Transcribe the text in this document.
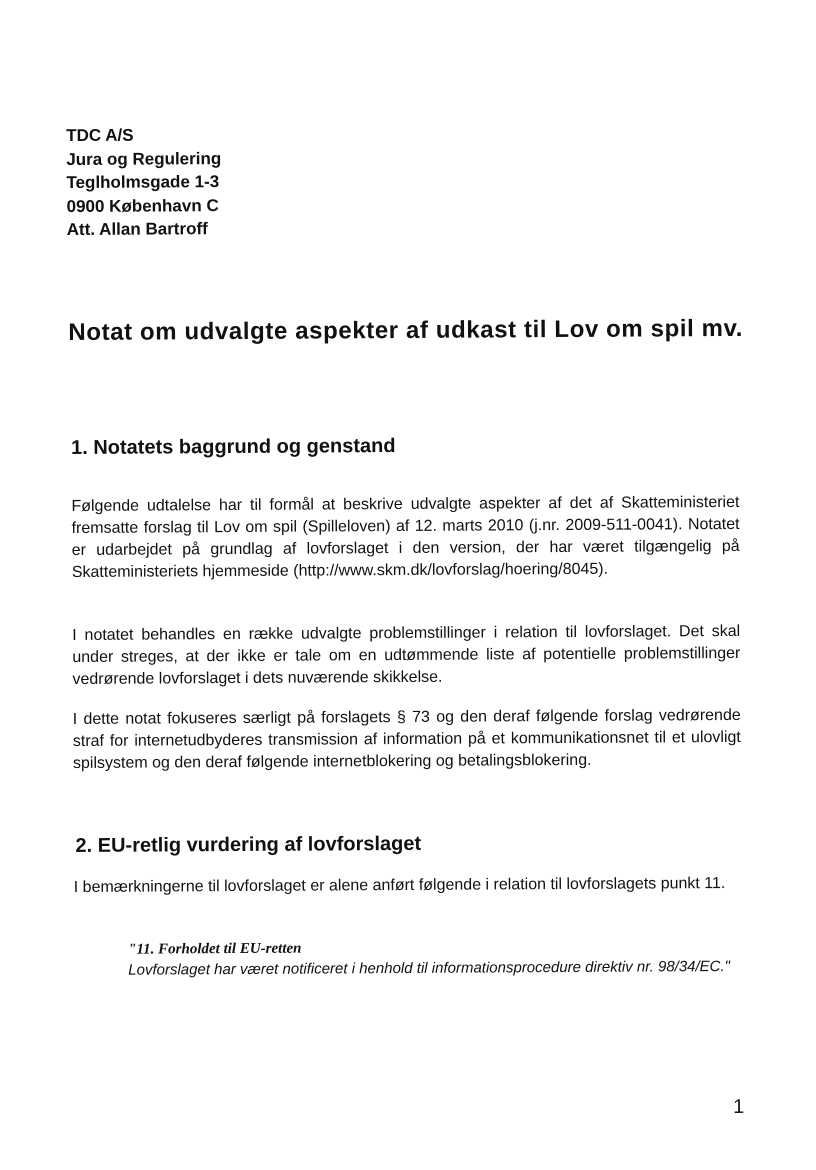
TDC A/S
Jura og Regulering
Teglholmsgade 1-3
0900 København C
Att. Allan Bartroff
Notat om udvalgte aspekter af udkast til Lov om spil mv.
1. Notatets baggrund og genstand
Følgende udtalelse har til formål at beskrive udvalgte aspekter af det af Skatteministeriet fremsatte forslag til Lov om spil (Spilleloven) af 12. marts 2010 (j.nr. 2009-511-0041). Notatet er udarbejdet på grundlag af lovforslaget i den version, der har været tilgængelig på Skatteministeriets hjemmeside (http://www.skm.dk/lovforslag/hoering/8045).
I notatet behandles en række udvalgte problemstillinger i relation til lovforslaget. Det skal under streges, at der ikke er tale om en udtømmende liste af potentielle problemstillinger vedrørende lovforslaget i dets nuværende skikkelse.
I dette notat fokuseres særligt på forslagets § 73 og den deraf følgende forslag vedrørende straf for internetudbyderes transmission af information på et kommunikationsnet til et ulovligt spilsystem og den deraf følgende internetblokering og betalingsblokering.
2. EU-retlig vurdering af lovforslaget
I bemærkningerne til lovforslaget er alene anført følgende i relation til lovforslagets punkt 11.
"11. Forholdet til EU-retten
Lovforslaget har været notificeret i henhold til informationsprocedure direktiv nr. 98/34/EC."
1
